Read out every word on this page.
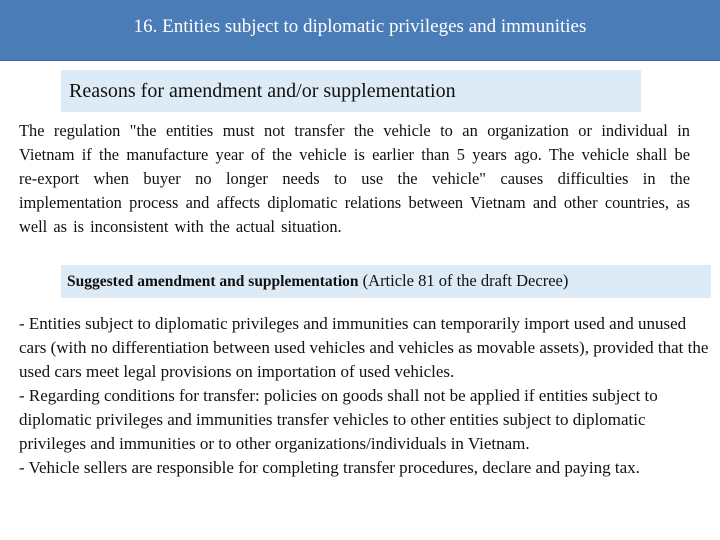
16. Entities subject to diplomatic privileges and immunities
Reasons for amendment and/or supplementation
The regulation "the entities must not transfer the vehicle to an organization or individual in Vietnam if the manufacture year of the vehicle is earlier than 5 years ago. The vehicle shall be re-export when buyer no longer needs to use the vehicle" causes difficulties in the implementation process and affects diplomatic relations between Vietnam and other countries, as well as is inconsistent with the actual situation.
Suggested amendment and supplementation (Article 81 of the draft Decree)

- Entities subject to diplomatic privileges and immunities can temporarily import used and unused cars (with no differentiation between used vehicles and vehicles as movable assets), provided that the used cars meet legal provisions on importation of used vehicles.

- Regarding conditions for transfer: policies on goods shall not be applied if entities subject to diplomatic privileges and immunities transfer vehicles to other entities subject to diplomatic privileges and immunities or to other organizations/individuals in Vietnam.

- Vehicle sellers are responsible for completing transfer procedures, declare and paying tax.
